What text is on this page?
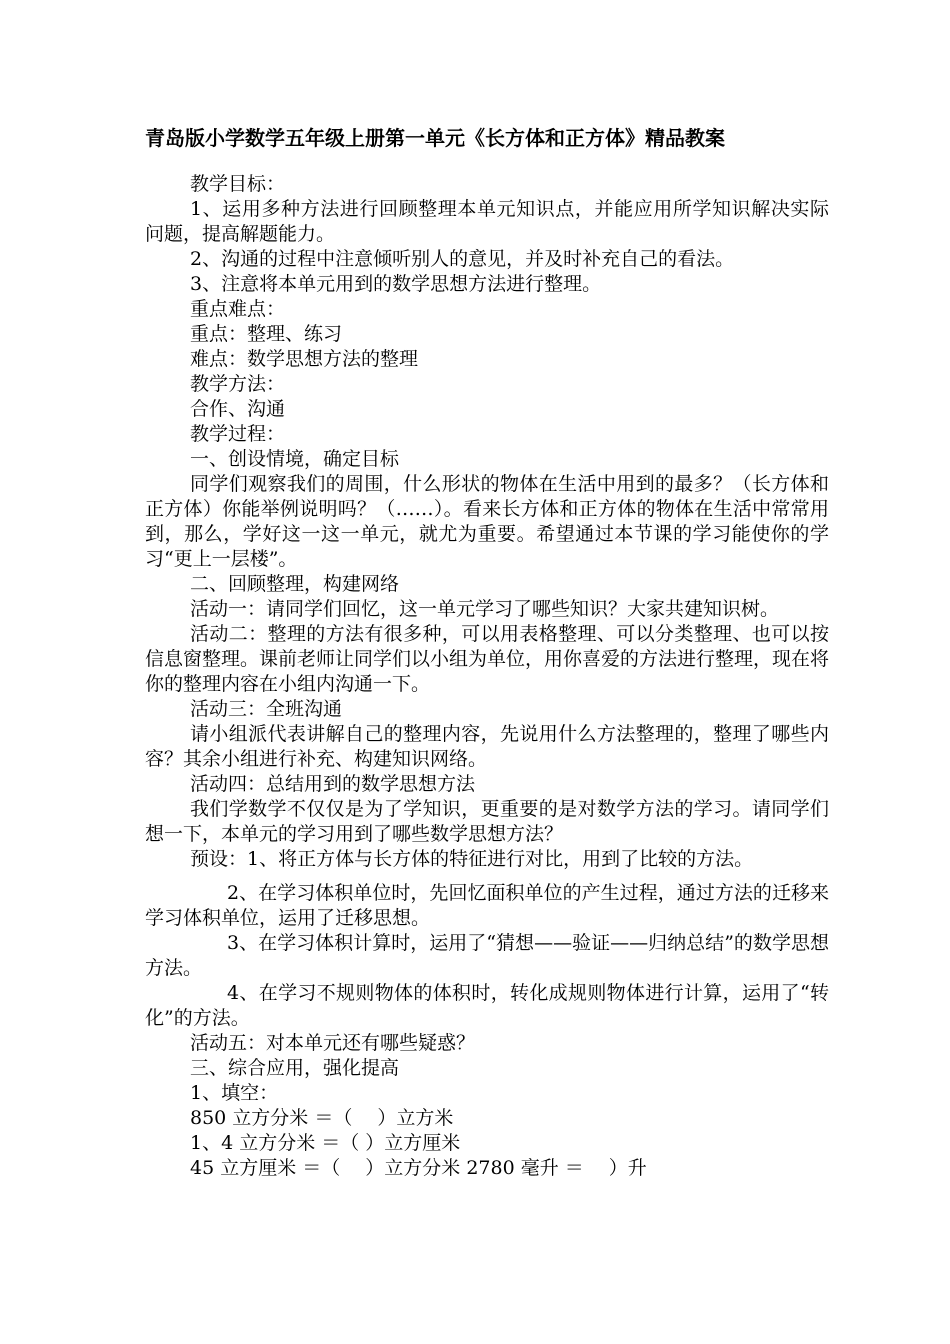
青岛版小学数学五年级上册第一单元《长方体和正方体》精品教案

教学目标：

1、运用多种方法进行回顾整理本单元知识点，并能应用所学知识解决实际问题，提高解题能力。

2、沟通的过程中注意倾听别人的意见，并及时补充自己的看法。

3、注意将本单元用到的数学思想方法进行整理。

重点难点：

重点：整理、练习

难点：数学思想方法的整理

教学方法：

合作、沟通

教学过程：

一、创设情境，确定目标

同学们观察我们的周围，什么形状的物体在生活中用到的最多？（长方体和正方体）你能举例说明吗？（……）。看来长方体和正方体的物体在生活中常常用到，那么，学好这一这一单元，就尤为重要。希望通过本节课的学习能使你的学习“更上一层楼”。

二、回顾整理，构建网络

活动一：请同学们回忆，这一单元学习了哪些知识？大家共建知识树。

活动二：整理的方法有很多种，可以用表格整理、可以分类整理、也可以按信息窗整理。课前老师让同学们以小组为单位，用你喜爱的方法进行整理，现在将你的整理内容在小组内沟通一下。

活动三：全班沟通

请小组派代表讲解自己的整理内容，先说用什么方法整理的，整理了哪些内容？其余小组进行补充、构建知识网络。

活动四：总结用到的数学思想方法

我们学数学不仅仅是为了学知识，更重要的是对数学方法的学习。请同学们想一下，本单元的学习用到了哪些数学思想方法？

预设：1、将正方体与长方体的特征进行对比，用到了比较的方法。

2、在学习体积单位时，先回忆面积单位的产生过程，通过方法的迁移来学习体积单位，运用了迁移思想。

3、在学习体积计算时，运用了“猜想——验证——归纳总结”的数学思想方法。

4、在学习不规则物体的体积时，转化成规则物体进行计算，运用了“转化”的方法。

活动五：对本单元还有哪些疑惑？

三、综合应用，强化提高

1、填空：

850 立方分米 ＝（　 ）立方米

1、4 立方分米 ＝（ ）立方厘米

45 立方厘米 ＝（　 ）立方分米 2780 毫升 ＝　 ）升
